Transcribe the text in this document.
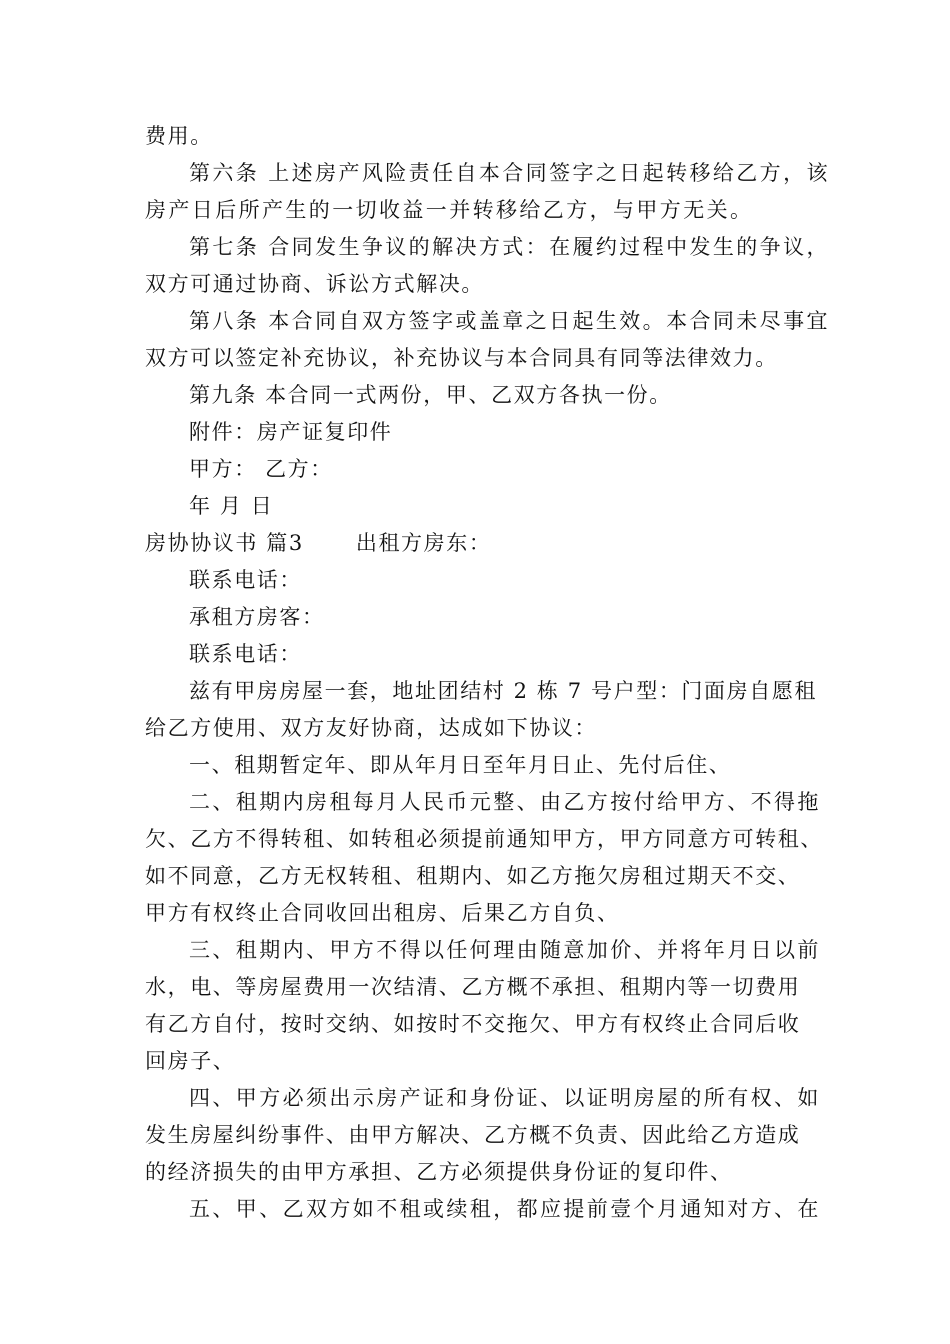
费用。
第六条 上述房产风险责任自本合同签字之日起转移给乙方，该
房产日后所产生的一切收益一并转移给乙方，与甲方无关。
第七条 合同发生争议的解决方式：在履约过程中发生的争议，
双方可通过协商、诉讼方式解决。
第八条 本合同自双方签字或盖章之日起生效。本合同未尽事宜
双方可以签定补充协议，补充协议与本合同具有同等法律效力。
第九条 本合同一式两份，甲、乙双方各执一份。
附件：房产证复印件
甲方： 乙方：
年 月 日
房协协议书 篇3 出租方房东：
联系电话：
承租方房客：
联系电话：
兹有甲房房屋一套，地址团结村 2 栋 7 号户型：门面房自愿租
给乙方使用、双方友好协商，达成如下协议：
一、租期暂定年、即从年月日至年月日止、先付后住、
二、租期内房租每月人民币元整、由乙方按付给甲方、不得拖
欠、乙方不得转租、如转租必须提前通知甲方，甲方同意方可转租、
如不同意，乙方无权转租、租期内、如乙方拖欠房租过期天不交、
甲方有权终止合同收回出租房、后果乙方自负、
三、租期内、甲方不得以任何理由随意加价、并将年月日以前
水，电、等房屋费用一次结清、乙方概不承担、租期内等一切费用
有乙方自付，按时交纳、如按时不交拖欠、甲方有权终止合同后收
回房子、
四、甲方必须出示房产证和身份证、以证明房屋的所有权、如
发生房屋纠纷事件、由甲方解决、乙方概不负责、因此给乙方造成
的经济损失的由甲方承担、乙方必须提供身份证的复印件、
五、甲、乙双方如不租或续租，都应提前壹个月通知对方、在
